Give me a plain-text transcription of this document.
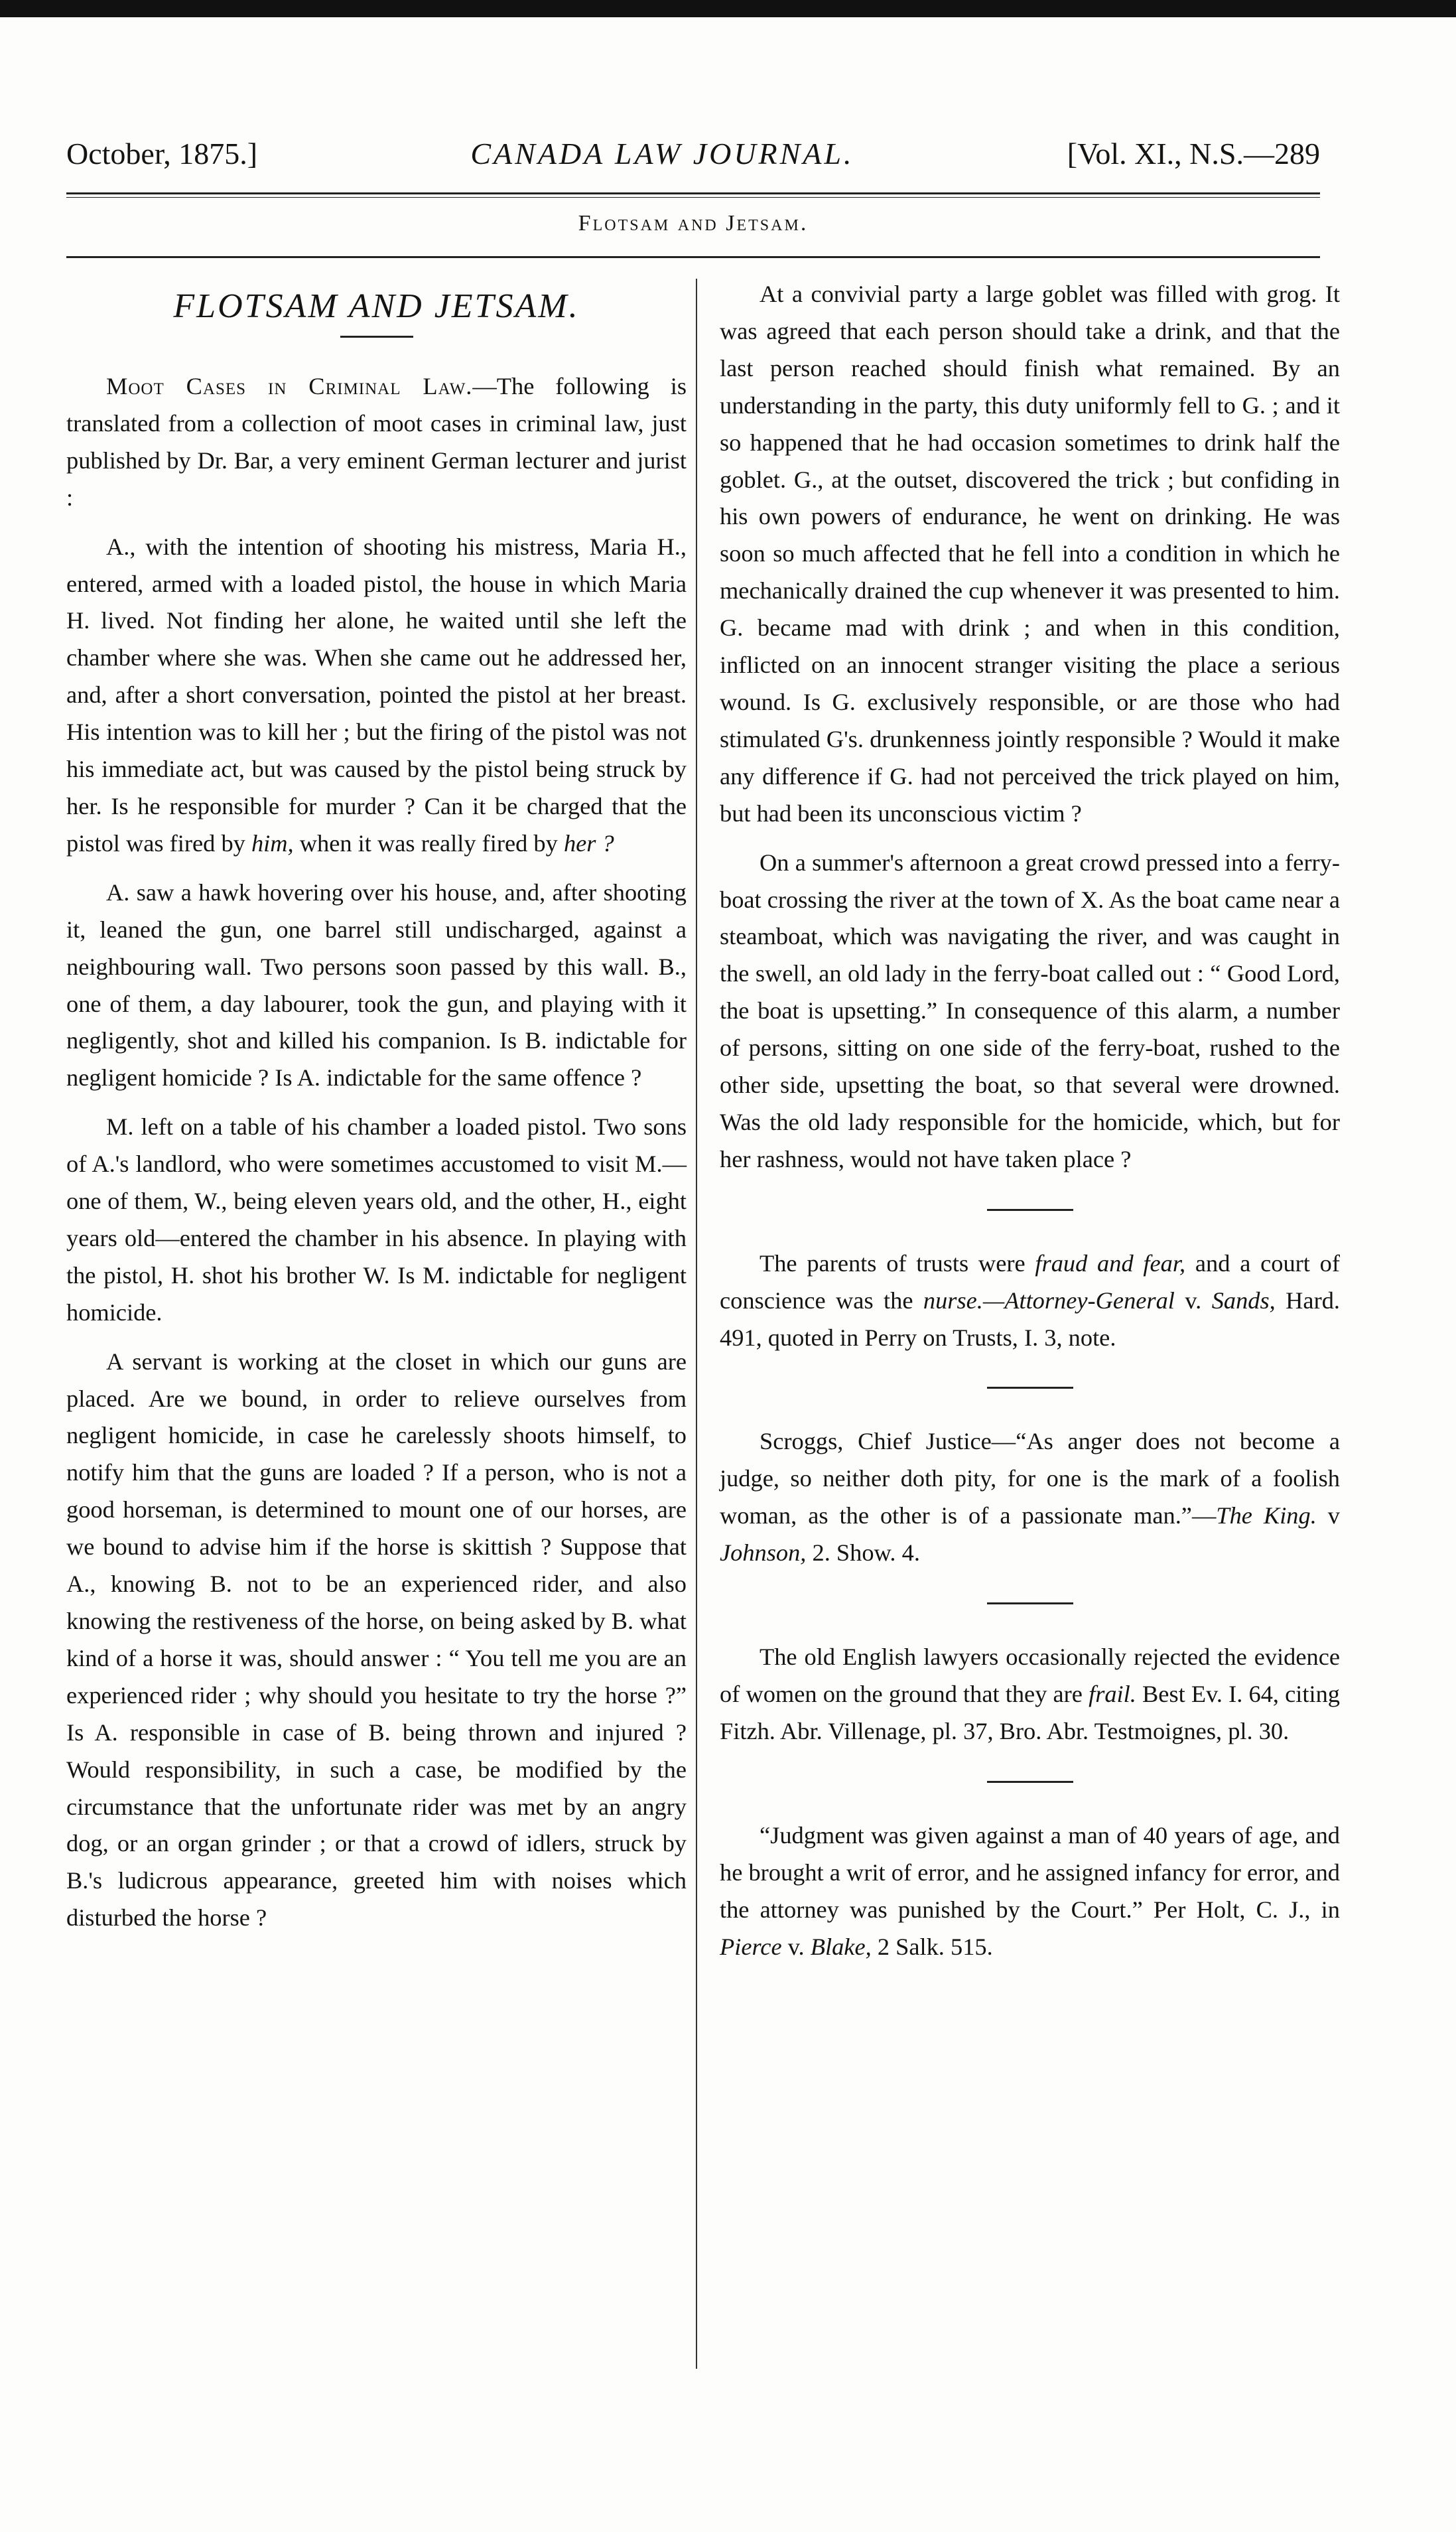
October, 1875.]	CANADA LAW JOURNAL.	[Vol. XI., N.S.—289
Flotsam and Jetsam.
FLOTSAM AND JETSAM.

Moot Cases in Criminal Law.—The following is translated from a collection of moot cases in criminal law, just published by Dr. Bar, a very eminent German lecturer and jurist :

A., with the intention of shooting his mistress, Maria H., entered, armed with a loaded pistol, the house in which Maria H. lived. Not finding her alone, he waited until she left the chamber where she was. When she came out he addressed her, and, after a short conversation, pointed the pistol at her breast. His intention was to kill her ; but the firing of the pistol was not his immediate act, but was caused by the pistol being struck by her. Is he responsible for murder ? Can it be charged that the pistol was fired by him, when it was really fired by her ?

A. saw a hawk hovering over his house, and, after shooting it, leaned the gun, one barrel still undischarged, against a neighbouring wall. Two persons soon passed by this wall. B., one of them, a day labourer, took the gun, and playing with it negligently, shot and killed his companion. Is B. indictable for negligent homicide ? Is A. indictable for the same offence ?

M. left on a table of his chamber a loaded pistol. Two sons of A.'s landlord, who were sometimes accustomed to visit M.—one of them, W., being eleven years old, and the other, H., eight years old—entered the chamber in his absence. In playing with the pistol, H. shot his brother W. Is M. indictable for negligent homicide.

A servant is working at the closet in which our guns are placed. Are we bound, in order to relieve ourselves from negligent homicide, in case he carelessly shoots himself, to notify him that the guns are loaded ? If a person, who is not a good horseman, is determined to mount one of our horses, are we bound to advise him if the horse is skittish ? Suppose that A., knowing B. not to be an experienced rider, and also knowing the restiveness of the horse, on being asked by B. what kind of a horse it was, should answer : “ You tell me you are an experienced rider ; why should you hesitate to try the horse ?” Is A. responsible in case of B. being thrown and injured ? Would responsibility, in such a case, be modified by the circumstance that the unfortunate rider was met by an angry dog, or an organ grinder ; or that a crowd of idlers, struck by B.'s ludicrous appearance, greeted him with noises which disturbed the horse ?

At a convivial party a large goblet was filled with grog. It was agreed that each person should take a drink, and that the last person reached should finish what remained. By an understanding in the party, this duty uniformly fell to G. ; and it so happened that he had occasion sometimes to drink half the goblet. G., at the outset, discovered the trick ; but confiding in his own powers of endurance, he went on drinking. He was soon so much affected that he fell into a condition in which he mechanically drained the cup whenever it was presented to him. G. became mad with drink ; and when in this condition, inflicted on an innocent stranger visiting the place a serious wound. Is G. exclusively responsible, or are those who had stimulated G's. drunkenness jointly responsible ? Would it make any difference if G. had not perceived the trick played on him, but had been its unconscious victim ?

On a summer's afternoon a great crowd pressed into a ferry-boat crossing the river at the town of X. As the boat came near a steamboat, which was navigating the river, and was caught in the swell, an old lady in the ferry-boat called out : “ Good Lord, the boat is upsetting.” In consequence of this alarm, a number of persons, sitting on one side of the ferry-boat, rushed to the other side, upsetting the boat, so that several were drowned. Was the old lady responsible for the homicide, which, but for her rashness, would not have taken place ?

The parents of trusts were fraud and fear, and a court of conscience was the nurse.—Attorney-General v. Sands, Hard. 491, quoted in Perry on Trusts, I. 3, note.

Scroggs, Chief Justice—“As anger does not become a judge, so neither doth pity, for one is the mark of a foolish woman, as the other is of a passionate man.”—The King. v Johnson, 2. Show. 4.

The old English lawyers occasionally rejected the evidence of women on the ground that they are frail. Best Ev. I. 64, citing Fitzh. Abr. Villenage, pl. 37, Bro. Abr. Testmoignes, pl. 30.

“Judgment was given against a man of 40 years of age, and he brought a writ of error, and he assigned infancy for error, and the attorney was punished by the Court.” Per Holt, C. J., in Pierce v. Blake, 2 Salk. 515.
